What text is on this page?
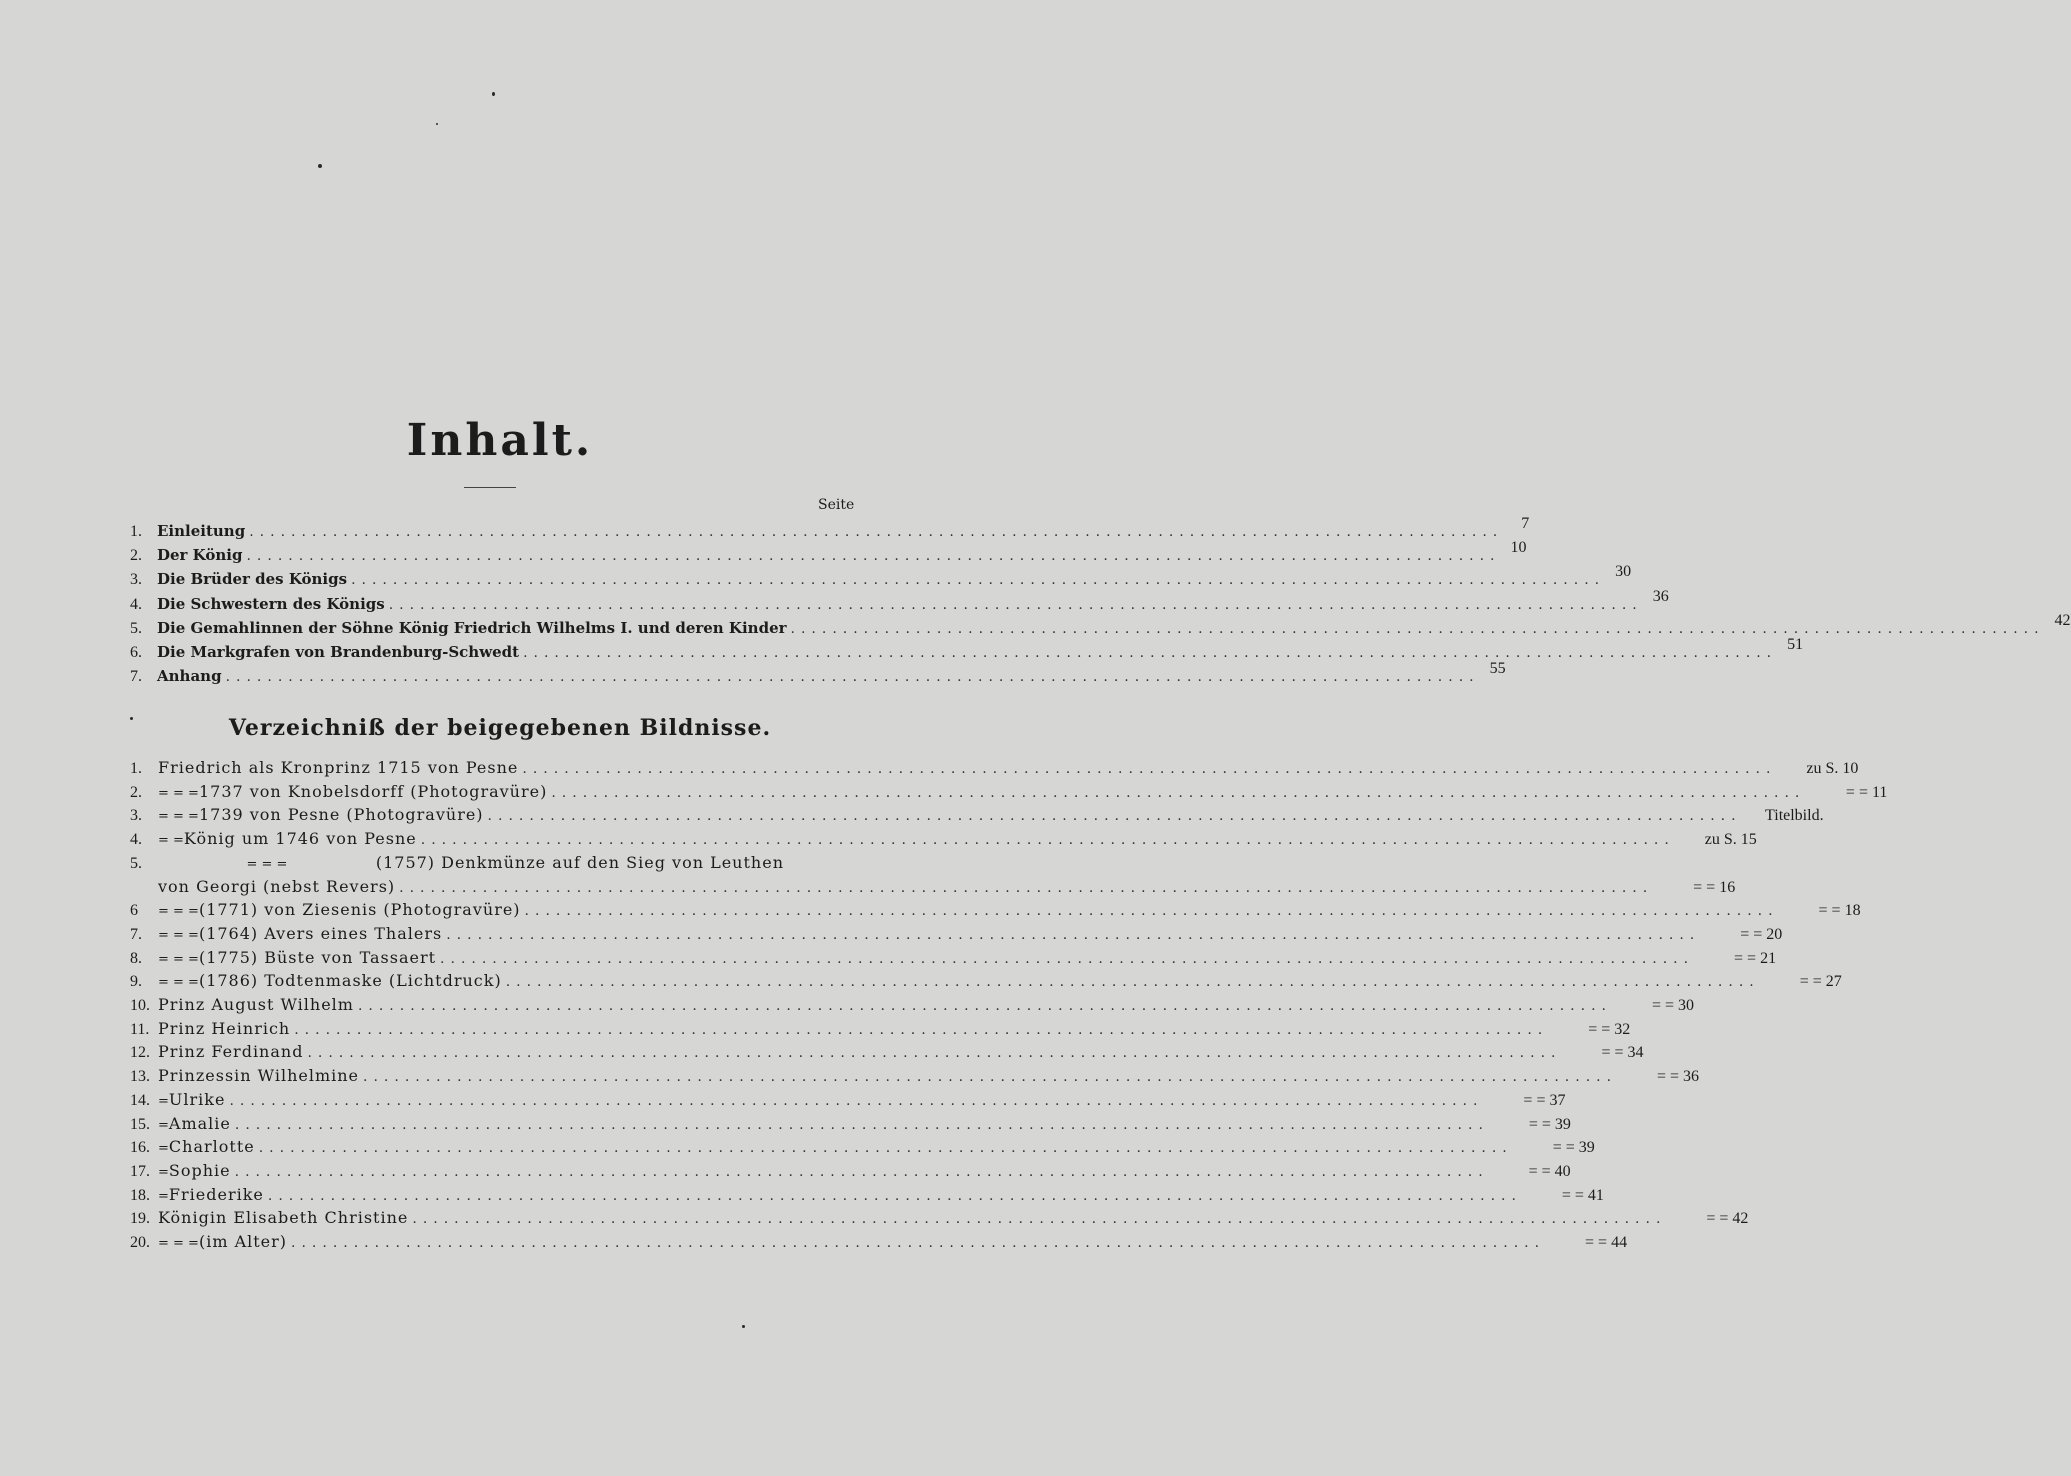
Inhalt.
Seite
1.	Einleitung ........................................................................................................................	7
2.	Der König ........................................................................................................................ 10
3.	Die Brüder des Königs ........................................................................................................................ 30
4.	Die Schwestern des Königs ........................................................................................................................ 36
5.	Die Gemahlinnen der Söhne König Friedrich Wilhelms I. und deren Kinder ........................................................................................................................ 42
6.	Die Markgrafen von Brandenburg-Schwedt ........................................................................................................................ 51
7.	Anhang ........................................................................................................................ 55
Verzeichniß der beigegebenen Bildnisse.
1.	Friedrich als Kronprinz 1715 von Pesne ........................................................................................................................	zu S. 10
2.	= = = 1737 von Knobelsdorff (Photogravüre) ........................................................................................................................	= = 11
3.	= = = 1739 von Pesne (Photogravüre) ........................................................................................................................	Titelbild.
4.	= = König um 1746 von Pesne ........................................................................................................................	zu S. 15
5.	= = =	(1757) Denkmünze auf den Sieg von Leuthen
von Georgi (nebst Revers) ........................................................................................................................	= = 16
6	= = = (1771) von Ziesenis (Photogravüre) ........................................................................................................................	= = 18
7.	= = = (1764) Avers eines Thalers ........................................................................................................................	= = 20
8.	= = = (1775) Büste von Tassaert ........................................................................................................................	= = 21
9.	= = = (1786) Todtenmaske (Lichtdruck) ........................................................................................................................	= = 27
10. Prinz August Wilhelm ........................................................................................................................	= = 30
11. Prinz Heinrich ........................................................................................................................	= = 32
12. Prinz Ferdinand ........................................................................................................................	= = 34
13. Prinzessin Wilhelmine ........................................................................................................................	= = 36
14. = Ulrike ........................................................................................................................	= = 37
15. = Amalie ........................................................................................................................	= = 39
16. = Charlotte ........................................................................................................................	= = 39
17. = Sophie ........................................................................................................................	= = 40
18. = Friederike ........................................................................................................................	= = 41
19. Königin Elisabeth Christine ........................................................................................................................	= = 42
20. = = = (im Alter) ........................................................................................................................	= = 44
